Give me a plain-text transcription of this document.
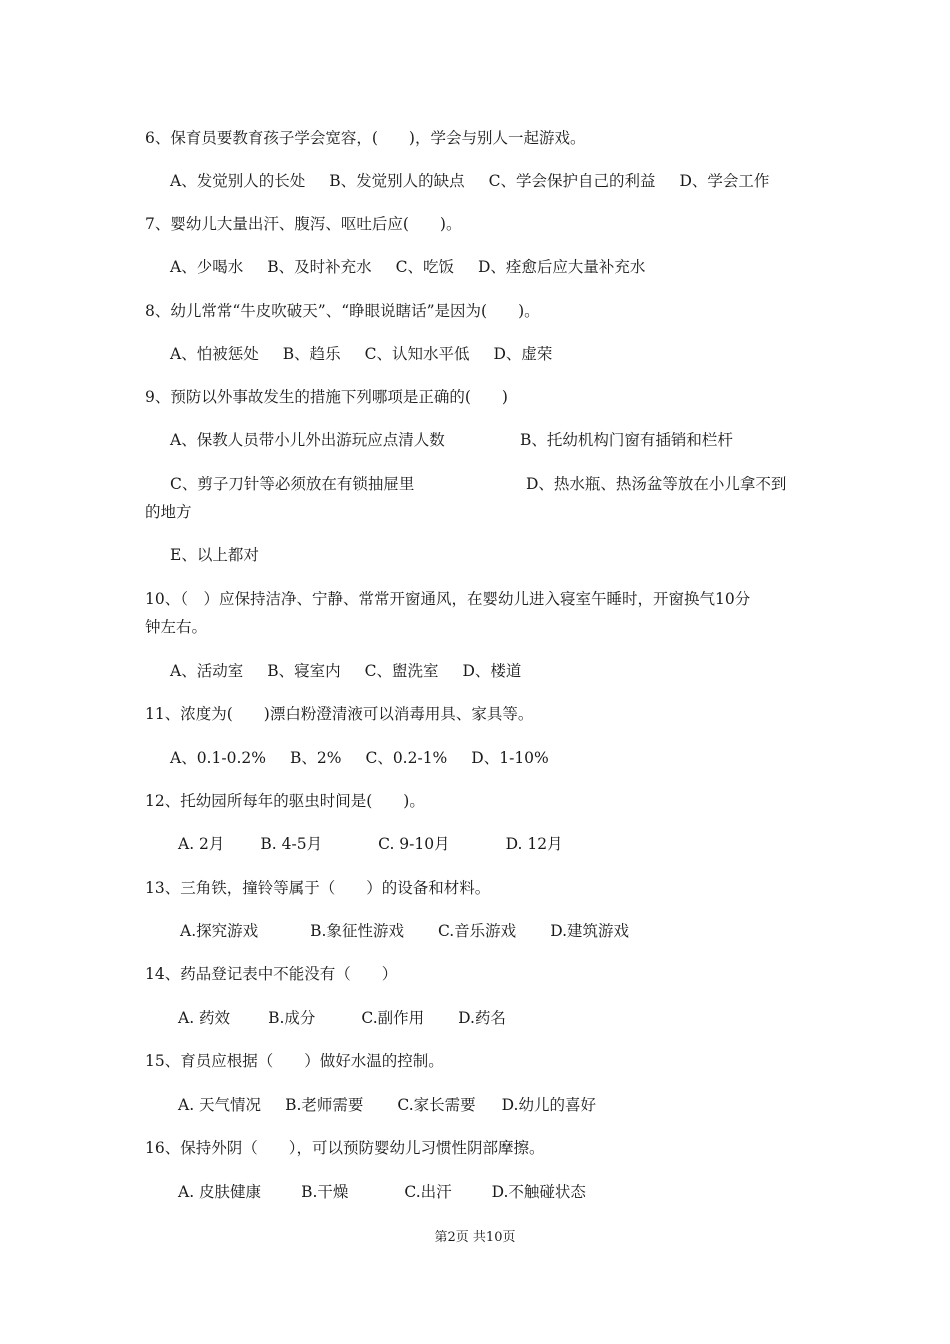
6、保育员要教育孩子学会宽容，(　　)，学会与别人一起游戏。
A、发觉别人的长处 B、发觉别人的缺点 C、学会保护自己的利益 D、学会工作
7、婴幼儿大量出汗、腹泻、呕吐后应(　　)。
A、少喝水 B、及时补充水 C、吃饭 D、痊愈后应大量补充水
8、幼儿常常“牛皮吹破天”、“睁眼说瞎话”是因为(　　)。
A、怕被惩处 B、趋乐 C、认知水平低 D、虚荣
9、预防以外事故发生的措施下列哪项是正确的(　　)
A、保教人员带小儿外出游玩应点清人数	B、托幼机构门窗有插销和栏杆
C、剪子刀针等必须放在有锁抽屉里	D、热水瓶、热汤盆等放在小儿拿不到
的地方
E、以上都对
10、（　）应保持洁净、宁静、常常开窗通风，在婴幼儿进入寝室午睡时，开窗换气10分
钟左右。
A、活动室 B、寝室内 C、盥洗室 D、楼道
11、浓度为(　　)漂白粉澄清液可以消毒用具、家具等。
A、0.1-0.2% B、2% C、0.2-1% D、1-10%
12、托幼园所每年的驱虫时间是(　　)。
A. 2月 B. 4-5月	C. 9-10月	D. 12月
13、三角铁，撞铃等属于（　　）的设备和材料。
A.探究游戏	B.象征性游戏 C.音乐游戏 D.建筑游戏
14、药品登记表中不能没有（　　）
A. 药效 B.成分	C.副作用 D.药名
15、育员应根据（　　）做好水温的控制。
A. 天气情况 B.老师需要 C.家长需要 D.幼儿的喜好
16、保持外阴（　　），可以预防婴幼儿习惯性阴部摩擦。
A. 皮肤健康	B.干燥	C.出汗	D.不触碰状态
第2页 共10页
